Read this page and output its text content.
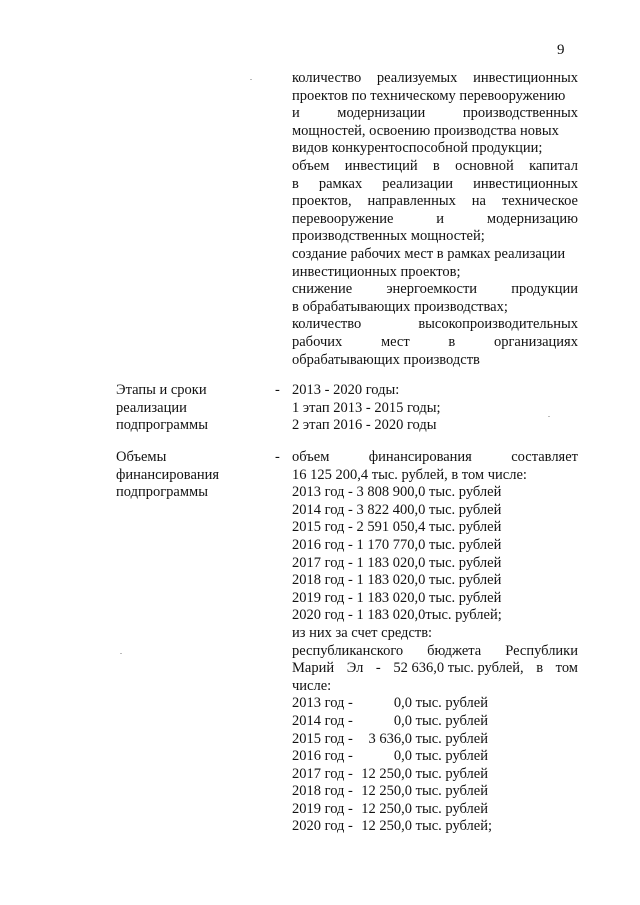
9
количество реализуемых инвестиционных
проектов по техническому перевооружению
и	модернизации	производственных
мощностей, освоению производства новых
видов конкурентоспособной продукции;
объем инвестиций в основной капитал
в рамках реализации инвестиционных
проектов, направленных на техническое
перевооружение	и	модернизацию
производственных мощностей;
создание рабочих мест в рамках реализации
инвестиционных проектов;
снижение энергоемкости продукции
в обрабатывающих производствах;
количество	высокопроизводительных
рабочих	мест	в	организациях
обрабатывающих производств
Этапы и сроки
реализации
подпрограммы
- 2013 - 2020 годы:
1 этап 2013 - 2015 годы;
2 этап 2016 - 2020 годы
Объемы
финансирования
подпрограммы
- объем	финансирования	составляет
16 125 200,4 тыс. рублей, в том числе:
2013 год - 3 808 900,0 тыс. рублей
2014 год - 3 822 400,0 тыс. рублей
2015 год - 2 591 050,4 тыс. рублей
2016 год - 1 170 770,0 тыс. рублей
2017 год - 1 183 020,0 тыс. рублей
2018 год - 1 183 020,0 тыс. рублей
2019 год - 1 183 020,0 тыс. рублей
2020 год - 1 183 020,0тыс. рублей;
из них за счет средств:
республиканского бюджета Республики
Марий Эл - 52 636,0 тыс. рублей, в том
числе:
2013 год -	0,0 тыс. рублей
2014 год -	0,0 тыс. рублей
2015 год - 3 636,0 тыс. рублей
2016 год -	0,0 тыс. рублей
2017 год - 12 250,0 тыс. рублей
2018 год - 12 250,0 тыс. рублей
2019 год - 12 250,0 тыс. рублей
2020 год - 12 250,0 тыс. рублей;
